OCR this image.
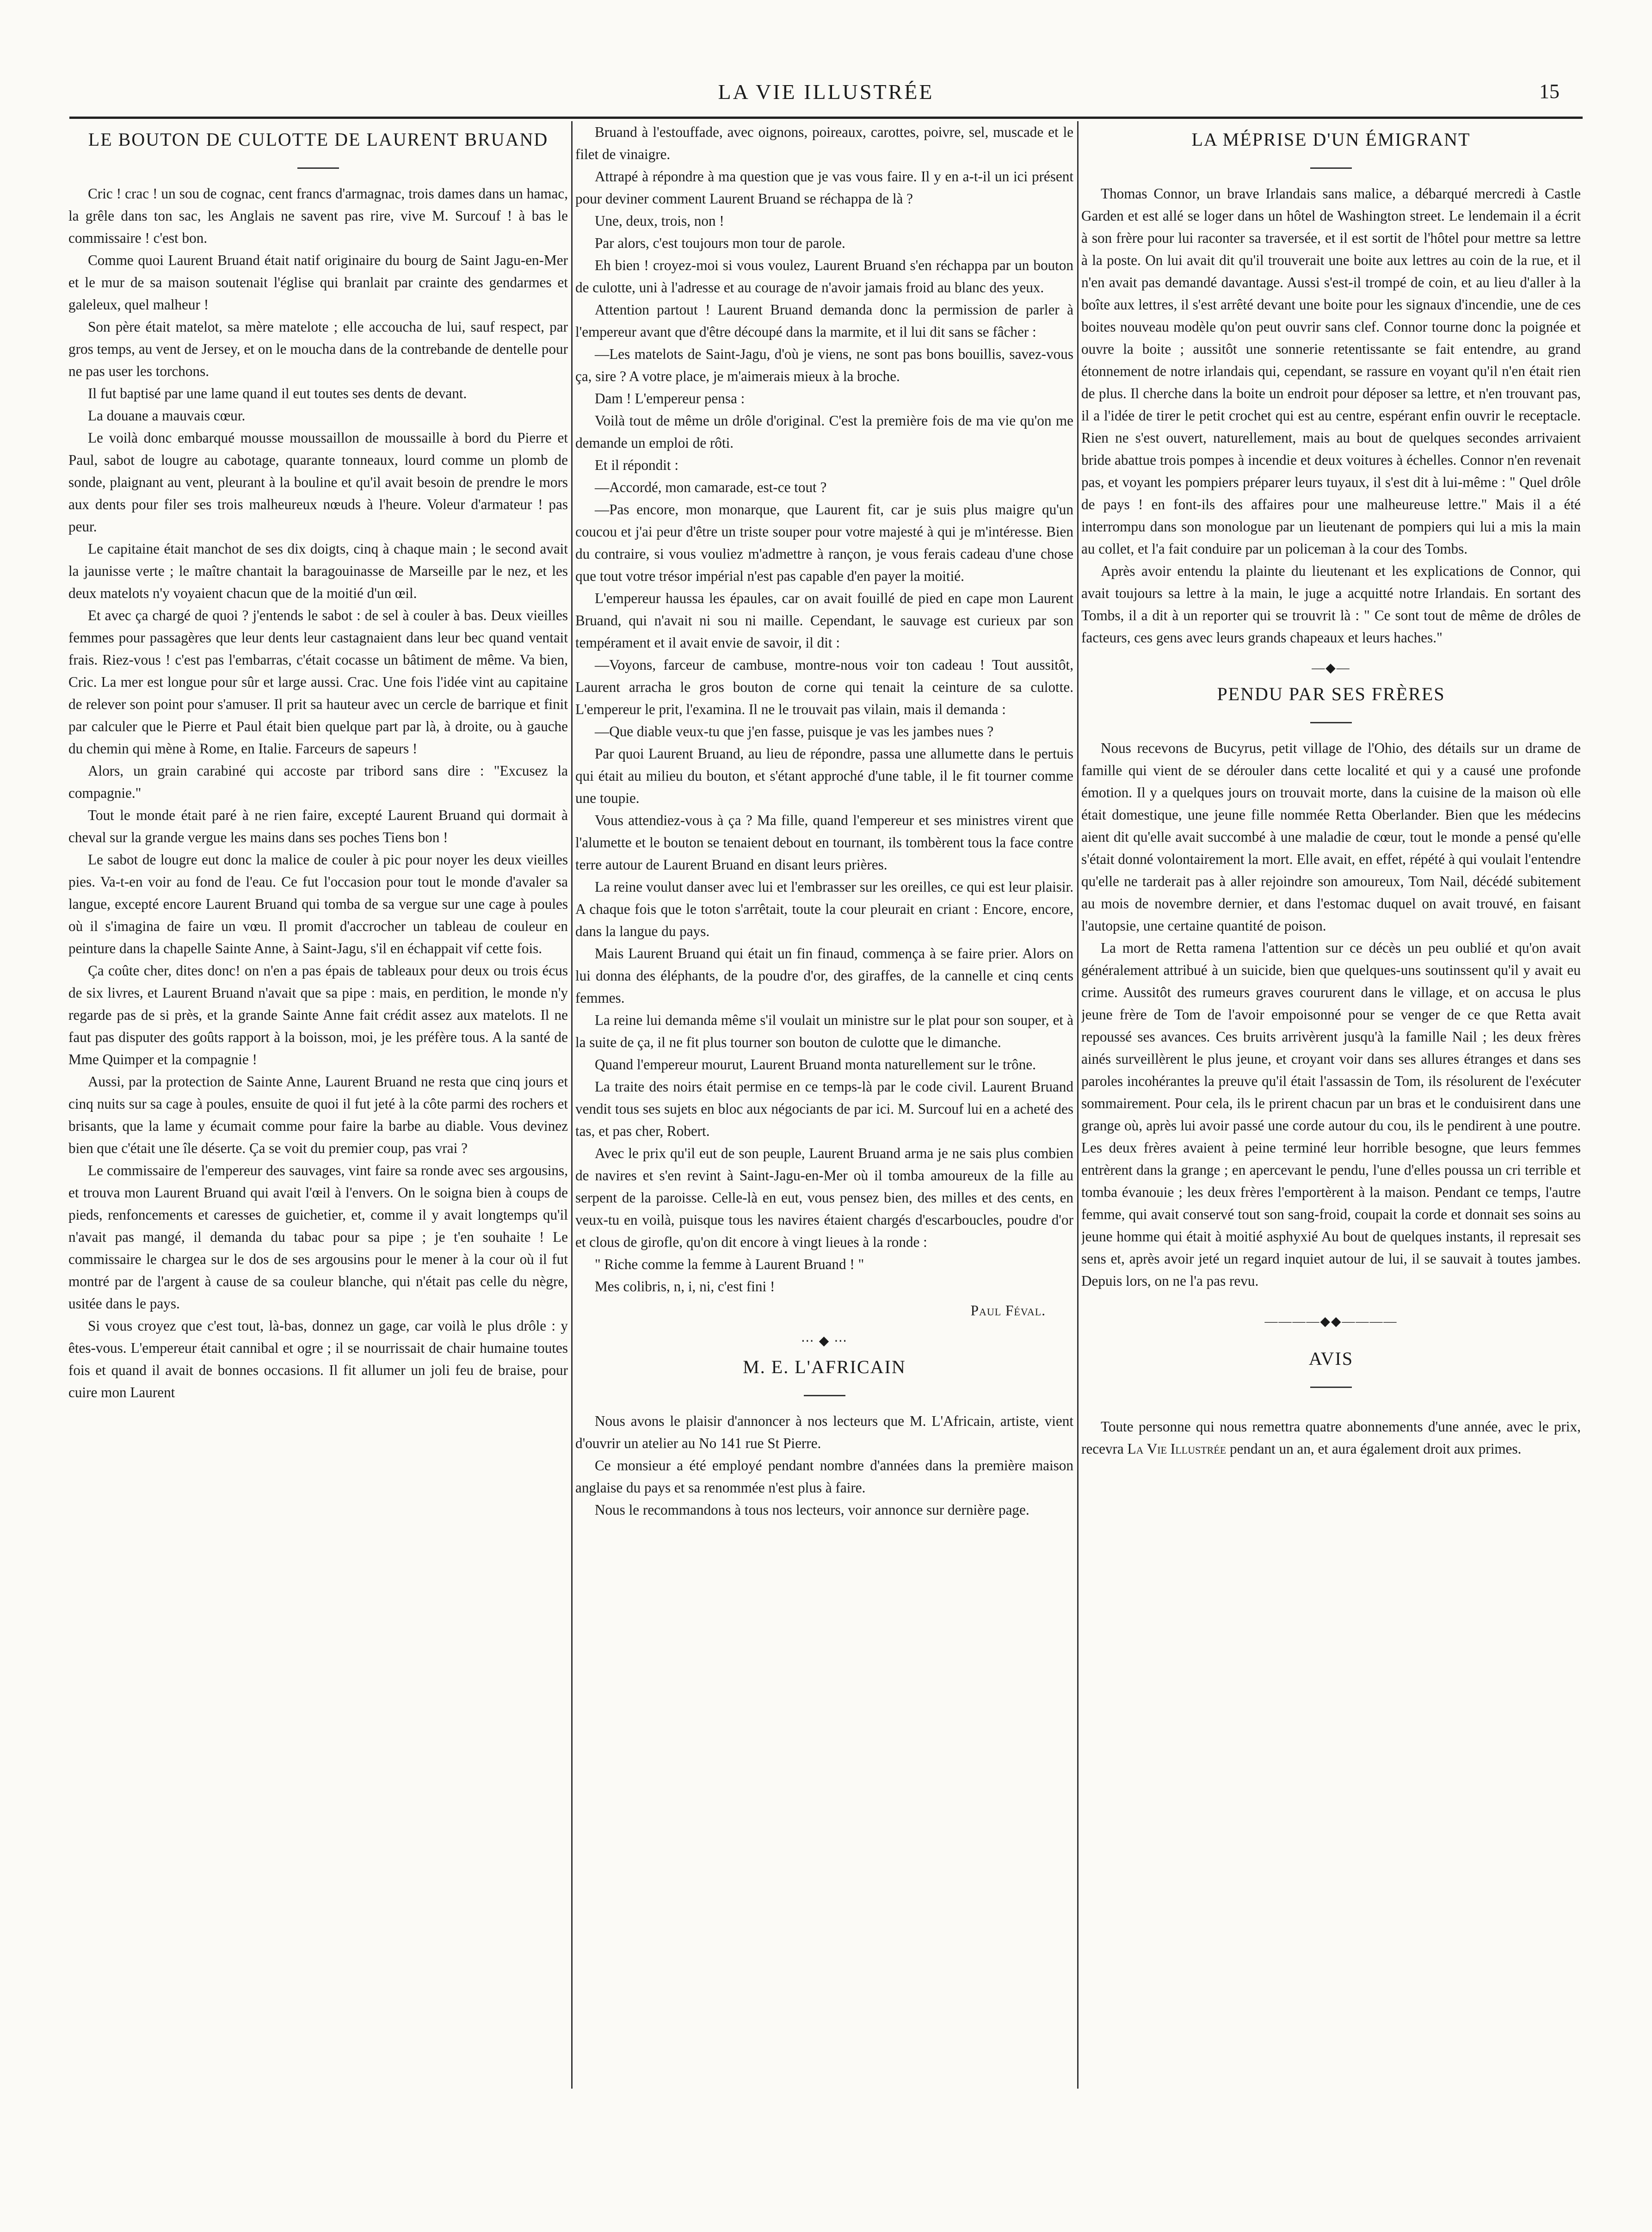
LA VIE ILLUSTRÉE	15
LE BOUTON DE CULOTTE DE LAURENT BRUAND

Cric ! crac ! un sou de cognac, cent francs d'armagnac, trois dames dans un hamac, la grêle dans ton sac, les Anglais ne savent pas rire, vive M. Surcouf ! à bas le commissaire ! c'est bon.

Comme quoi Laurent Bruand était natif originaire du bourg de Saint Jagu-en-Mer et le mur de sa maison soutenait l'église qui branlait par crainte des gendarmes et galeleux, quel malheur !

Son père était matelot, sa mère matelote ; elle accoucha de lui, sauf respect, par gros temps, au vent de Jersey, et on le moucha dans de la contrebande de dentelle pour ne pas user les torchons.

Il fut baptisé par une lame quand il eut toutes ses dents de devant.

La douane a mauvais cœur.

Le voilà donc embarqué mousse moussaillon de moussaille à bord du Pierre et Paul, sabot de lougre au cabotage, quarante tonneaux, lourd comme un plomb de sonde, plaignant au vent, pleurant à la bouline et qu'il avait besoin de prendre le mors aux dents pour filer ses trois malheureux nœuds à l'heure. Voleur d'armateur ! pas peur.

Le capitaine était manchot de ses dix doigts, cinq à chaque main ; le second avait la jaunisse verte ; le maître chantait la baragouinasse de Marseille par le nez, et les deux matelots n'y voyaient chacun que de la moitié d'un œil.

Et avec ça chargé de quoi ? j'entends le sabot : de sel à couler à bas. Deux vieilles femmes pour passagères que leur dents leur castagnaient dans leur bec quand ventait frais. Riez-vous ! c'est pas l'embarras, c'était cocasse un bâtiment de même. Va bien, Cric. La mer est longue pour sûr et large aussi. Crac. Une fois l'idée vint au capitaine de relever son point pour s'amuser. Il prit sa hauteur avec un cercle de barrique et finit par calculer que le Pierre et Paul était bien quelque part par là, à droite, ou à gauche du chemin qui mène à Rome, en Italie. Farceurs de sapeurs !

Alors, un grain carabiné qui accoste par tribord sans dire : "Excusez la compagnie."

Tout le monde était paré à ne rien faire, excepté Laurent Bruand qui dormait à cheval sur la grande vergue les mains dans ses poches Tiens bon !

Le sabot de lougre eut donc la malice de couler à pic pour noyer les deux vieilles pies. Va-t-en voir au fond de l'eau. Ce fut l'occasion pour tout le monde d'avaler sa langue, excepté encore Laurent Bruand qui tomba de sa vergue sur une cage à poules où il s'imagina de faire un vœu. Il promit d'accrocher un tableau de couleur en peinture dans la chapelle Sainte Anne, à Saint-Jagu, s'il en échappait vif cette fois.

Ça coûte cher, dites donc! on n'en a pas épais de tableaux pour deux ou trois écus de six livres, et Laurent Bruand n'avait que sa pipe : mais, en perdition, le monde n'y regarde pas de si près, et la grande Sainte Anne fait crédit assez aux matelots. Il ne faut pas disputer des goûts rapport à la boisson, moi, je les préfère tous. A la santé de Mme Quimper et la compagnie !

Aussi, par la protection de Sainte Anne, Laurent Bruand ne resta que cinq jours et cinq nuits sur sa cage à poules, ensuite de quoi il fut jeté à la côte parmi des rochers et brisants, que la lame y écumait comme pour faire la barbe au diable. Vous devinez bien que c'était une île déserte. Ça se voit du premier coup, pas vrai ?

Le commissaire de l'empereur des sauvages, vint faire sa ronde avec ses argousins, et trouva mon Laurent Bruand qui avait l'œil à l'envers. On le soigna bien à coups de pieds, renfoncements et caresses de guichetier, et, comme il y avait longtemps qu'il n'avait pas mangé, il demanda du tabac pour sa pipe ; je t'en souhaite ! Le commissaire le chargea sur le dos de ses argousins pour le mener à la cour où il fut montré par de l'argent à cause de sa couleur blanche, qui n'était pas celle du nègre, usitée dans le pays.

Si vous croyez que c'est tout, là-bas, donnez un gage, car voilà le plus drôle : y êtes-vous. L'empereur était cannibal et ogre ; il se nourrissait de chair humaine toutes fois et quand il avait de bonnes occasions. Il fit allumer un joli feu de braise, pour cuire mon Laurent

Bruand à l'estouffade, avec oignons, poireaux, carottes, poivre, sel, muscade et le filet de vinaigre.

Attrapé à répondre à ma question que je vas vous faire. Il y en a-t-il un ici présent pour deviner comment Laurent Bruand se réchappa de là ?

Une, deux, trois, non !

Par alors, c'est toujours mon tour de parole.

Eh bien ! croyez-moi si vous voulez, Laurent Bruand s'en réchappa par un bouton de culotte, uni à l'adresse et au courage de n'avoir jamais froid au blanc des yeux.

Attention partout ! Laurent Bruand demanda donc la permission de parler à l'empereur avant que d'être découpé dans la marmite, et il lui dit sans se fâcher :

—Les matelots de Saint-Jagu, d'où je viens, ne sont pas bons bouillis, savez-vous ça, sire ? A votre place, je m'aimerais mieux à la broche.

Dam ! L'empereur pensa :

Voilà tout de même un drôle d'original. C'est la première fois de ma vie qu'on me demande un emploi de rôti.

Et il répondit :

—Accordé, mon camarade, est-ce tout ?

—Pas encore, mon monarque, que Laurent fit, car je suis plus maigre qu'un coucou et j'ai peur d'être un triste souper pour votre majesté à qui je m'intéresse. Bien du contraire, si vous vouliez m'admettre à rançon, je vous ferais cadeau d'une chose que tout votre trésor impérial n'est pas capable d'en payer la moitié.

L'empereur haussa les épaules, car on avait fouillé de pied en cape mon Laurent Bruand, qui n'avait ni sou ni maille. Cependant, le sauvage est curieux par son tempérament et il avait envie de savoir, il dit :

—Voyons, farceur de cambuse, montre-nous voir ton cadeau ! Tout aussitôt, Laurent arracha le gros bouton de corne qui tenait la ceinture de sa culotte. L'empereur le prit, l'examina. Il ne le trouvait pas vilain, mais il demanda :

—Que diable veux-tu que j'en fasse, puisque je vas les jambes nues ?

Par quoi Laurent Bruand, au lieu de répondre, passa une allumette dans le pertuis qui était au milieu du bouton, et s'étant approché d'une table, il le fit tourner comme une toupie.

Vous attendiez-vous à ça ? Ma fille, quand l'empereur et ses ministres virent que l'alumette et le bouton se tenaient debout en tournant, ils tombèrent tous la face contre terre autour de Laurent Bruand en disant leurs prières.

La reine voulut danser avec lui et l'embrasser sur les oreilles, ce qui est leur plaisir. A chaque fois que le toton s'arrêtait, toute la cour pleurait en criant : Encore, encore, dans la langue du pays.

Mais Laurent Bruand qui était un fin finaud, commença à se faire prier. Alors on lui donna des éléphants, de la poudre d'or, des giraffes, de la cannelle et cinq cents femmes.

La reine lui demanda même s'il voulait un ministre sur le plat pour son souper, et à la suite de ça, il ne fit plus tourner son bouton de culotte que le dimanche.

Quand l'empereur mourut, Laurent Bruand monta naturellement sur le trône.

La traite des noirs était permise en ce temps-là par le code civil. Laurent Bruand vendit tous ses sujets en bloc aux négociants de par ici. M. Surcouf lui en a acheté des tas, et pas cher, Robert.

Avec le prix qu'il eut de son peuple, Laurent Bruand arma je ne sais plus combien de navires et s'en revint à Saint-Jagu-en-Mer où il tomba amoureux de la fille au serpent de la paroisse. Celle-là en eut, vous pensez bien, des milles et des cents, en veux-tu en voilà, puisque tous les navires étaient chargés d'escarboucles, poudre d'or et clous de girofle, qu'on dit encore à vingt lieues à la ronde :

" Riche comme la femme à Laurent Bruand ! "

Mes colibris, n, i, ni, c'est fini !

Paul Féval.
⋯ ◆ ⋯
M. E. L'AFRICAIN

Nous avons le plaisir d'annoncer à nos lecteurs que M. L'Africain, artiste, vient d'ouvrir un atelier au No 141 rue St Pierre.

Ce monsieur a été employé pendant nombre d'années dans la première maison anglaise du pays et sa renommée n'est plus à faire.

Nous le recommandons à tous nos lecteurs, voir annonce sur dernière page.

LA MÉPRISE D'UN ÉMIGRANT

Thomas Connor, un brave Irlandais sans malice, a débarqué mercredi à Castle Garden et est allé se loger dans un hôtel de Washington street. Le lendemain il a écrit à son frère pour lui raconter sa traversée, et il est sortit de l'hôtel pour mettre sa lettre à la poste. On lui avait dit qu'il trouverait une boite aux lettres au coin de la rue, et il n'en avait pas demandé davantage. Aussi s'est-il trompé de coin, et au lieu d'aller à la boîte aux lettres, il s'est arrêté devant une boite pour les signaux d'incendie, une de ces boites nouveau modèle qu'on peut ouvrir sans clef. Connor tourne donc la poignée et ouvre la boite ; aussitôt une sonnerie retentissante se fait entendre, au grand étonnement de notre irlandais qui, cependant, se rassure en voyant qu'il n'en était rien de plus. Il cherche dans la boite un endroit pour déposer sa lettre, et n'en trouvant pas, il a l'idée de tirer le petit crochet qui est au centre, espérant enfin ouvrir le receptacle. Rien ne s'est ouvert, naturellement, mais au bout de quelques secondes arrivaient bride abattue trois pompes à incendie et deux voitures à échelles. Connor n'en revenait pas, et voyant les pompiers préparer leurs tuyaux, il s'est dit à lui-même : " Quel drôle de pays ! en font-ils des affaires pour une malheureuse lettre." Mais il a été interrompu dans son monologue par un lieutenant de pompiers qui lui a mis la main au collet, et l'a fait conduire par un policeman à la cour des Tombs.

Après avoir entendu la plainte du lieutenant et les explications de Connor, qui avait toujours sa lettre à la main, le juge a acquitté notre Irlandais. En sortant des Tombs, il a dit à un reporter qui se trouvrit là : " Ce sont tout de même de drôles de facteurs, ces gens avec leurs grands chapeaux et leurs haches."

—◆—
PENDU PAR SES FRÈRES

Nous recevons de Bucyrus, petit village de l'Ohio, des détails sur un drame de famille qui vient de se dérouler dans cette localité et qui y a causé une profonde émotion. Il y a quelques jours on trouvait morte, dans la cuisine de la maison où elle était domestique, une jeune fille nommée Retta Oberlander. Bien que les médecins aient dit qu'elle avait succombé à une maladie de cœur, tout le monde a pensé qu'elle s'était donné volontairement la mort. Elle avait, en effet, répété à qui voulait l'entendre qu'elle ne tarderait pas à aller rejoindre son amoureux, Tom Nail, décédé subitement au mois de novembre dernier, et dans l'estomac duquel on avait trouvé, en faisant l'autopsie, une certaine quantité de poison.

La mort de Retta ramena l'attention sur ce décès un peu oublié et qu'on avait généralement attribué à un suicide, bien que quelques-uns soutinssent qu'il y avait eu crime. Aussitôt des rumeurs graves coururent dans le village, et on accusa le plus jeune frère de Tom de l'avoir empoisonné pour se venger de ce que Retta avait repoussé ses avances. Ces bruits arrivèrent jusqu'à la famille Nail ; les deux frères ainés surveillèrent le plus jeune, et croyant voir dans ses allures étranges et dans ses paroles incohérantes la preuve qu'il était l'assassin de Tom, ils résolurent de l'exécuter sommairement. Pour cela, ils le prirent chacun par un bras et le conduisirent dans une grange où, après lui avoir passé une corde autour du cou, ils le pendirent à une poutre. Les deux frères avaient à peine terminé leur horrible besogne, que leurs femmes entrèrent dans la grange ; en apercevant le pendu, l'une d'elles poussa un cri terrible et tomba évanouie ; les deux frères l'emportèrent à la maison. Pendant ce temps, l'autre femme, qui avait conservé tout son sang-froid, coupait la corde et donnait ses soins au jeune homme qui était à moitié asphyxié Au bout de quelques instants, il represait ses sens et, après avoir jeté un regard inquiet autour de lui, il se sauvait à toutes jambes. Depuis lors, on ne l'a pas revu.

————◆◆————
AVIS

Toute personne qui nous remettra quatre abonnements d'une année, avec le prix, recevra La Vie Illustrée pendant un an, et aura également droit aux primes.
